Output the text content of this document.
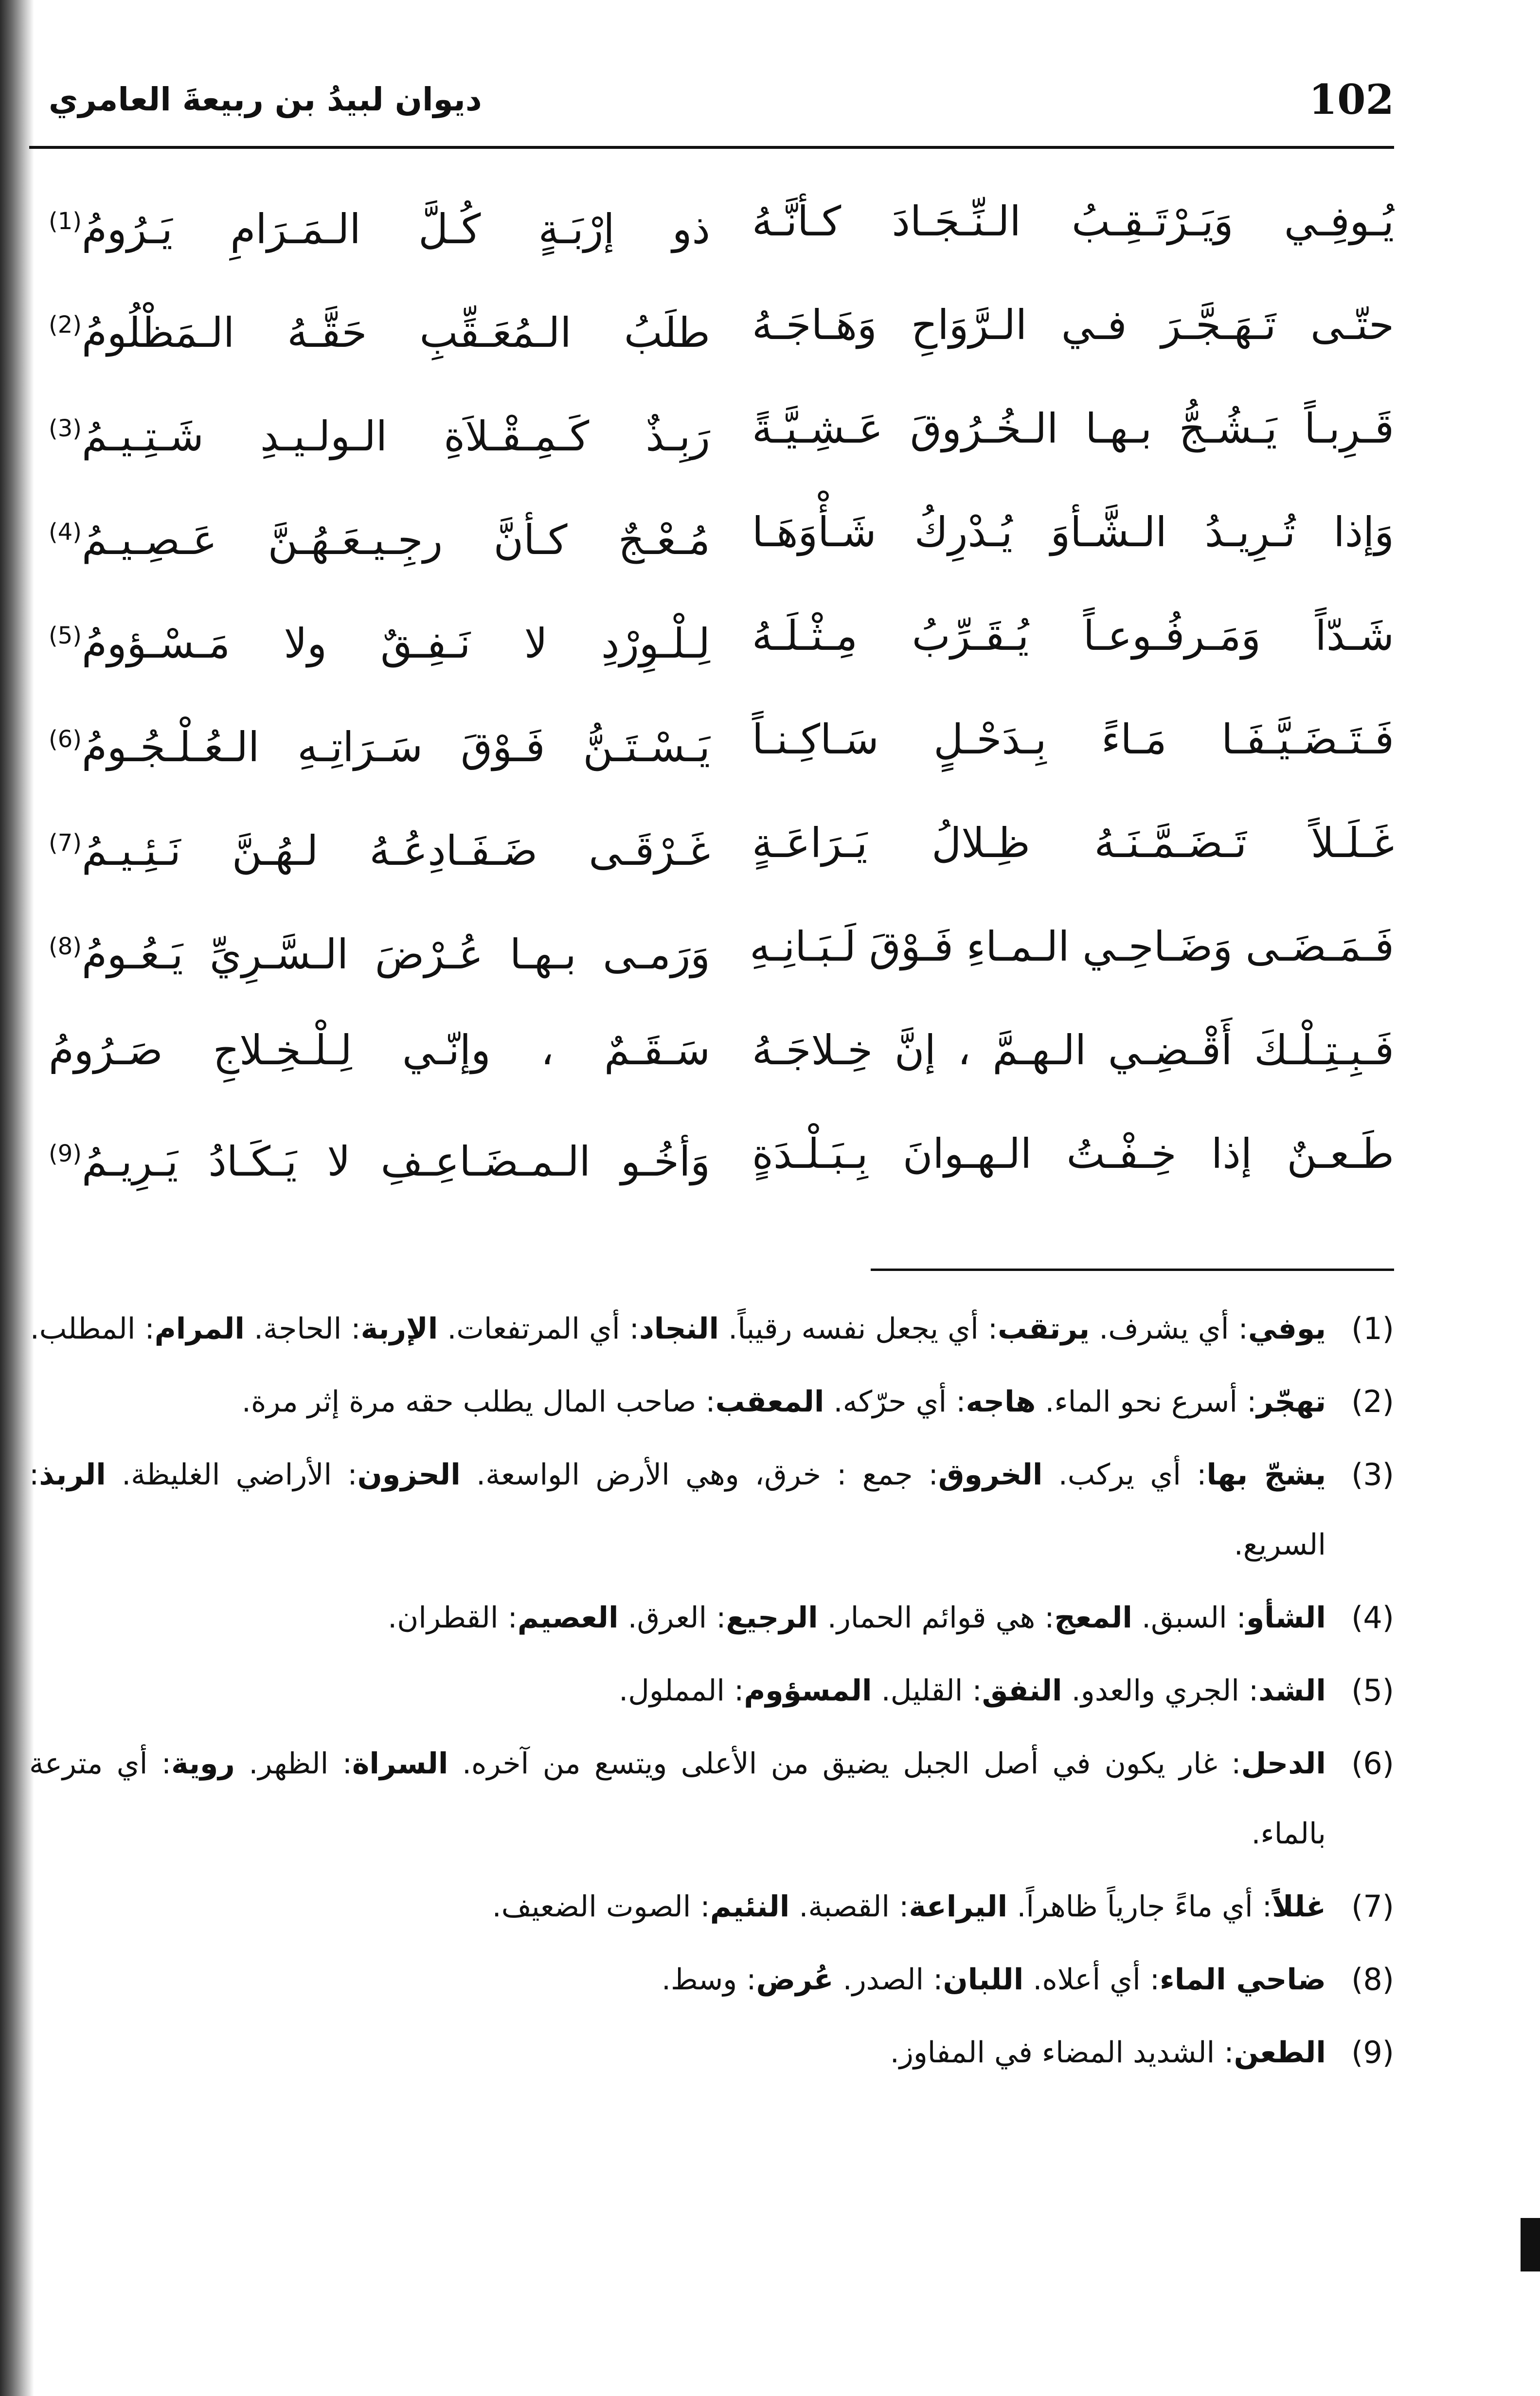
102
ديوان لبيدُ بن ربيعةَ العامري
يُـوفِـي وَيَـرْتَـقِـبُ الـنِّـجَـادَ كـأنَّـهُ
ذو إرْبَـةٍ كُـلَّ الـمَـرَامِ يَـرُومُ$^{(1)}$
حتّـى تَـهَـجَّـرَ فـي الـرَّوَاحِ وَهَـاجَـهُ
طلَبُ الـمُعَـقِّبِ حَقَّـهُ الـمَظْلُومُ$^{(2)}$
قَـرِبـاً يَـشُـجُّ بـهـا الـخُـرُوقَ عَـشِـيَّـةً
رَبِـذٌ كَـمِـقْـلاَةِ الـولـيـدِ شَـتِـيـمُ$^{(3)}$
وَإذا تُـرِيـدُ الـشَّـأوَ يُـدْرِكُ شَـأْوَهَـا
مُـعْـجٌ كـأنَّ رجِـيـعَـهُـنَّ عَـصِـيـمُ$^{(4)}$
شَـدّاً وَمَـرفُـوعـاً يُـقَـرِّبُ مِـثْـلَـهُ
لِـلْـوِرْدِ لا نَـفِـقٌ ولا مَـسْـؤومُ$^{(5)}$
فَـتَـضَـيَّـفَـا مَـاءً بِـدَحْـلٍ سَـاكِـنـاً
يَـسْـتَـنُّ فَـوْقَ سَـرَاتِـهِ الـعُـلْـجُـومُ$^{(6)}$
غَـلَـلاً تَـضَـمَّـنَـهُ ظِـلالُ يَـرَاعَـةٍ
غَـرْقَـى ضَـفَـادِعُـهُ لـهُـنَّ نَـئِـيـمُ$^{(7)}$
فَـمَـضَـى وَضَـاحِـي الـمـاءِ فَـوْقَ لَـبَـانِـهِ
وَرَمـى بـهـا عُـرْضَ الـسَّـرِيِّ يَـعُـومُ$^{(8)}$
فَـبِـتِـلْـكَ أَقْـضِـي الـهـمَّ ، إنَّ خِـلاجَـهُ
سَـقَـمٌ ، وإنّـي لِـلْـخِـلاجِ صَـرُومُ
طَـعـنٌ إذا خِـفْـتُ الـهـوانَ بِـبَـلْـدَةٍ
وَأخُـو الـمـضَـاعِـفِ لا يَـكَـادُ يَـرِيـمُ$^{(9)}$
(1)
يوفي: أي يشرف. يرتقب: أي يجعل نفسه رقيباً. النجاد: أي المرتفعات. الإربة: الحاجة. المرام: المطلب.
(2)
تهجّر: أسرع نحو الماء. هاجه: أي حرّكه. المعقب: صاحب المال يطلب حقه مرة إثر مرة.
(3)
يشجّ بها: أي يركب. الخروق: جمع : خرق، وهي الأرض الواسعة. الحزون: الأراضي الغليظة. الربذ: السريع.
(4)
الشأو: السبق. المعج: هي قوائم الحمار. الرجيع: العرق. العصيم: القطران.
(5)
الشد: الجري والعدو. النفق: القليل. المسؤوم: المملول.
(6)
الدحل: غار يكون في أصل الجبل يضيق من الأعلى ويتسع من آخره. السراة: الظهر. روية: أي مترعة بالماء.
(7)
غللاً: أي ماءً جارياً ظاهراً. اليراعة: القصبة. النئيم: الصوت الضعيف.
(8)
ضاحي الماء: أي أعلاه. اللبان: الصدر. عُرض: وسط.
(9)
الطعن: الشديد المضاء في المفاوز.
